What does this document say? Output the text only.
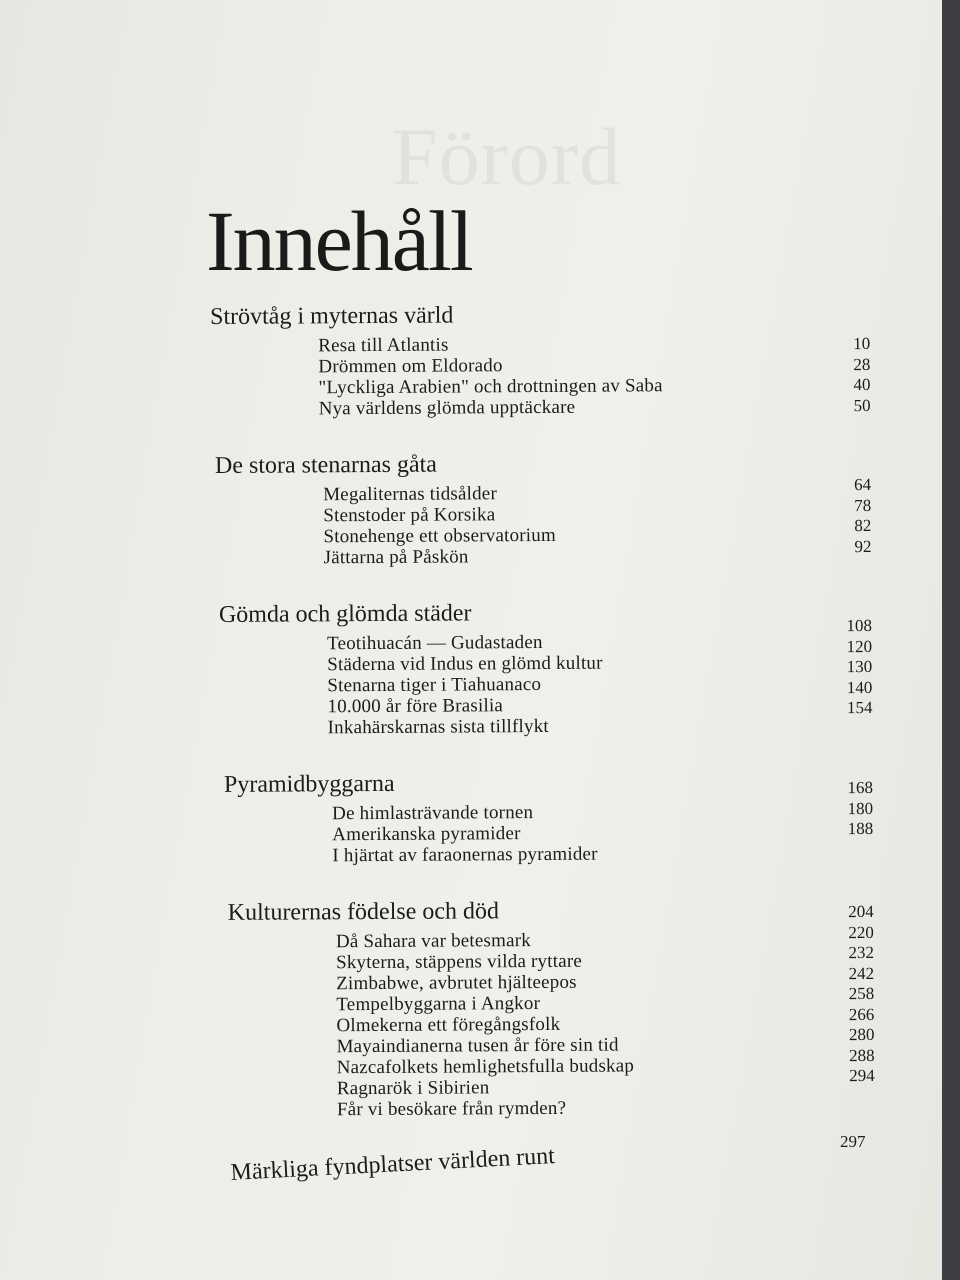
Förord
Innehåll
Strövtåg i myternas värld
Resa till Atlantis
Drömmen om Eldorado
"Lyckliga Arabien" och drottningen av Saba
Nya världens glömda upptäckare
10
28
40
50
De stora stenarnas gåta
Megaliternas tidsålder
Stenstoder på Korsika
Stonehenge ett observatorium
Jättarna på Påskön
64
78
82
92
Gömda och glömda städer
Teotihuacán — Gudastaden
Städerna vid Indus en glömd kultur
Stenarna tiger i Tiahuanaco
10.000 år före Brasilia
Inkahärskarnas sista tillflykt
108
120
130
140
154
Pyramidbyggarna
De himlasträvande tornen
Amerikanska pyramider
I hjärtat av faraonernas pyramider
168
180
188
Kulturernas födelse och död
Då Sahara var betesmark
Skyterna, stäppens vilda ryttare
Zimbabwe, avbrutet hjälteepos
Tempelbyggarna i Angkor
Olmekerna ett föregångsfolk
Mayaindianerna tusen år före sin tid
Nazcafolkets hemlighetsfulla budskap
Ragnarök i Sibirien
Får vi besökare från rymden?
204
220
232
242
258
266
280
288
294
297
Märkliga fyndplatser världen runt
